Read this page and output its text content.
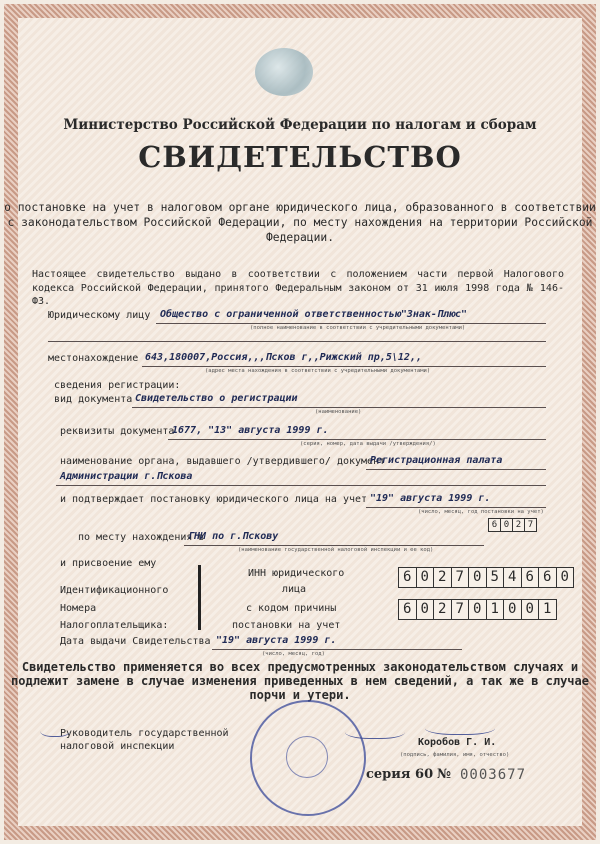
Министерство Российской Федерации по налогам и сборам
СВИДЕТЕЛЬСТВО
о постановке на учет в налоговом органе юридического лица, образованного в соответствии с законодательством Российской Федерации, по месту нахождения на территории Российской Федерации.
Настоящее свидетельство выдано в соответствии с положением части первой Налогового кодекса Российской Федерации, принятого Федеральным законом от 31 июля 1998 года № 146-ФЗ.
Юридическому лицу Общество с ограниченной ответственностью"Знак-Плюс"
(полное наименование в соответствии с учредительными документами)
местонахождение 643,180007,Россия,,,Псков г,,Рижский пр,5\12,,
(адрес места нахождения в соответствии с учредительными документами)
сведения регистрации:
вид документа Свидетельство о регистрации
(наименование)
реквизиты документа
1677, "13" августа 1999 г.
(серия, номер, дата выдачи /утверждения/)
наименование органа, выдавшего /утвердившего/ документ
Регистрационная палата
Администрации г.Пскова
и подтверждает постановку юридического лица на учет "19" августа 1999 г.
(число, месяц, год постановки на учет)
6 0 2 7
по месту нахождения в
ГНИ по г.Пскову
(наименование государственной налоговой инспекции и ее код)
и присвоение ему
Идентификационного
Номера
Налогоплательщика:
ИНН юридического
лица
с кодом причины
постановки на учет
6 0 2 7 0 5 4 6 6 0
6 0 2 7 0 1 0 0 1
Дата выдачи Свидетельства "19" августа 1999 г.
(число, месяц, год)
Свидетельство применяется во всех предусмотренных законодательством случаях и подлежит замене в случае изменения приведенных в нем сведений, а так же в случае порчи и утери.
Руководитель государственной
налоговой инспекции	Коробов Г. И.
(подпись, фамилия, имя, отчество)
серия 60 № 0003677
